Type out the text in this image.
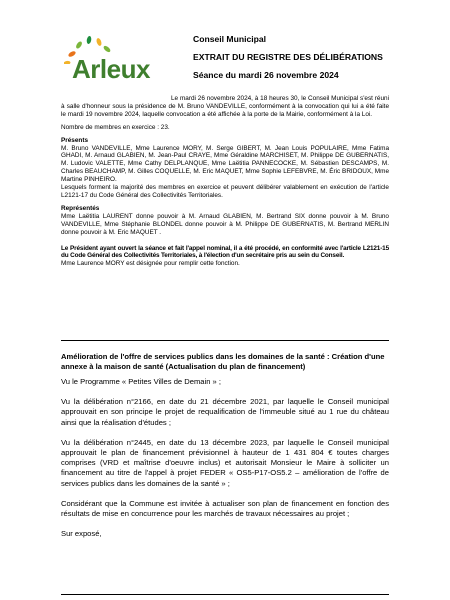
Arleux
Conseil Municipal
EXTRAIT DU REGISTRE DES DÉLIBÉRATIONS
Séance du mardi 26 novembre 2024

Le mardi 26 novembre 2024, à 18 heures 30, le Conseil Municipal s'est réuni à salle d'honneur sous la présidence de M. Bruno VANDEVILLE, conformément à la convocation qui lui a été faite le mardi 19 novembre 2024, laquelle convocation a été affichée à la porte de la Mairie, conformément à la Loi.

Nombre de membres en exercice : 23.

Présents

M. Bruno VANDEVILLE, Mme Laurence MORY, M. Serge GIBERT, M. Jean Louis POPULAIRE, Mme Fatima GHADI, M. Arnaud GLABIEN, M. Jean-Paul CRAYE, Mme Géraldine MARCHISET, M. Philippe DE GUBERNATIS, M. Ludovic VALETTE, Mme Cathy DELPLANQUE, Mme Laëtitia PANNECOCKE, M. Sébastien DESCAMPS, M. Charles BEAUCHAMP, M. Gilles COQUELLE, M. Eric MAQUET, Mme Sophie LEFEBVRE, M. Éric BRIDOUX, Mme Martine PINHEIRO.

Lesquels forment la majorité des membres en exercice et peuvent délibérer valablement en exécution de l'article L2121-17 du Code Général des Collectivités Territoriales.

Représentés

Mme Laëtitia LAURENT donne pouvoir à M. Arnaud GLABIEN, M. Bertrand SIX donne pouvoir à M. Bruno VANDEVILLE, Mme Stéphanie BLONDEL donne pouvoir à M. Philippe DE GUBERNATIS, M. Bertrand MERLIN donne pouvoir à M. Eric MAQUET .

Le Président ayant ouvert la séance et fait l'appel nominal, il a été procédé, en conformité avec l'article L2121-15 du Code Général des Collectivités Territoriales, à l'élection d'un secrétaire pris au sein du Conseil.

Mme Laurence MORY est désignée pour remplir cette fonction.

Amélioration de l'offre de services publics dans les domaines de la santé : Création d'une annexe à la maison de santé (Actualisation du plan de financement)

Vu le Programme « Petites Villes de Demain » ;

Vu la délibération n°2166, en date du 21 décembre 2021, par laquelle le Conseil municipal approuvait en son principe le projet de requalification de l'immeuble situé au 1 rue du château ainsi que la réalisation d'études ;

Vu la délibération n°2445, en date du 13 décembre 2023, par laquelle le Conseil municipal approuvait le plan de financement prévisionnel à hauteur de 1 431 804 € toutes charges comprises (VRD et maîtrise d'oeuvre inclus) et autorisait Monsieur le Maire à solliciter un financement au titre de l'appel à projet FEDER « OS5-P17-OS5.2 – amélioration de l'offre de services publics dans les domaines de la santé » ;

Considérant que la Commune est invitée à actualiser son plan de financement en fonction des résultats de mise en concurrence pour les marchés de travaux nécessaires au projet ;

Sur exposé,
